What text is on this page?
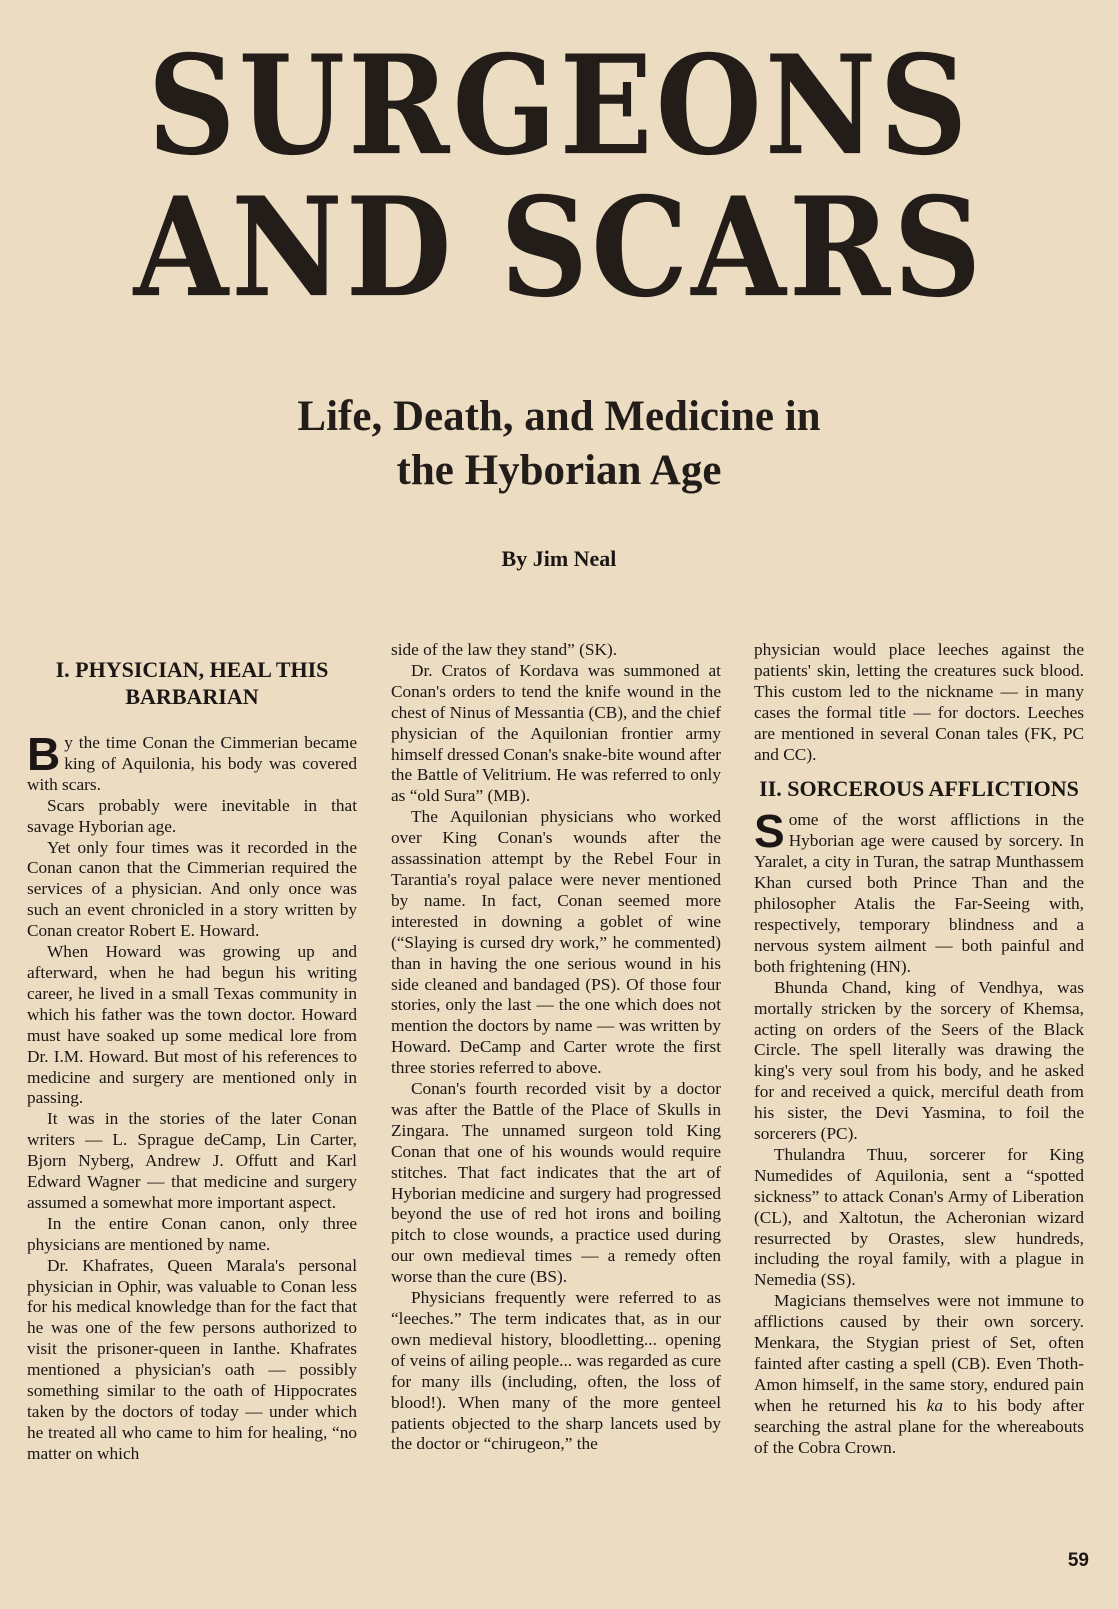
SURGEONS
AND SCARS
Life, Death, and Medicine in
the Hyborian Age
By Jim Neal
I. PHYSICIAN, HEAL THIS BARBARIAN

By the time Conan the Cimmerian became king of Aquilonia, his body was covered with scars.

Scars probably were inevitable in that savage Hyborian age.

Yet only four times was it recorded in the Conan canon that the Cimmerian required the services of a physician. And only once was such an event chronicled in a story written by Conan creator Robert E. Howard.

When Howard was growing up and afterward, when he had begun his writing career, he lived in a small Texas community in which his father was the town doctor. Howard must have soaked up some medical lore from Dr. I.M. Howard. But most of his references to medicine and surgery are mentioned only in passing.

It was in the stories of the later Conan writers — L. Sprague deCamp, Lin Carter, Bjorn Nyberg, Andrew J. Offutt and Karl Edward Wagner — that medicine and surgery assumed a somewhat more important aspect.

In the entire Conan canon, only three physicians are mentioned by name.

Dr. Khafrates, Queen Marala's personal physician in Ophir, was valuable to Conan less for his medical knowledge than for the fact that he was one of the few persons authorized to visit the prisoner-queen in Ianthe. Khafrates mentioned a physician's oath — possibly something similar to the oath of Hippocrates taken by the doctors of today — under which he treated all who came to him for healing, “no matter on which

side of the law they stand” (SK).

Dr. Cratos of Kordava was summoned at Conan's orders to tend the knife wound in the chest of Ninus of Messantia (CB), and the chief physician of the Aquilonian frontier army himself dressed Conan's snake-bite wound after the Battle of Velitrium. He was referred to only as “old Sura” (MB).

The Aquilonian physicians who worked over King Conan's wounds after the assassination attempt by the Rebel Four in Tarantia's royal palace were never mentioned by name. In fact, Conan seemed more interested in downing a goblet of wine (“Slaying is cursed dry work,” he commented) than in having the one serious wound in his side cleaned and bandaged (PS). Of those four stories, only the last — the one which does not mention the doctors by name — was written by Howard. DeCamp and Carter wrote the first three stories referred to above.

Conan's fourth recorded visit by a doctor was after the Battle of the Place of Skulls in Zingara. The unnamed surgeon told King Conan that one of his wounds would require stitches. That fact indicates that the art of Hyborian medicine and surgery had progressed beyond the use of red hot irons and boiling pitch to close wounds, a practice used during our own medieval times — a remedy often worse than the cure (BS).

Physicians frequently were referred to as “leeches.” The term indicates that, as in our own medieval history, bloodletting... opening of veins of ailing people... was regarded as cure for many ills (including, often, the loss of blood!). When many of the more genteel patients objected to the sharp lancets used by the doctor or “chirugeon,” the

physician would place leeches against the patients' skin, letting the creatures suck blood. This custom led to the nickname — in many cases the formal title — for doctors. Leeches are mentioned in several Conan tales (FK, PC and CC).

II. SORCEROUS AFFLICTIONS

Some of the worst afflictions in the Hyborian age were caused by sorcery. In Yaralet, a city in Turan, the satrap Munthassem Khan cursed both Prince Than and the philosopher Atalis the Far-Seeing with, respectively, temporary blindness and a nervous system ailment — both painful and both frightening (HN).

Bhunda Chand, king of Vendhya, was mortally stricken by the sorcery of Khemsa, acting on orders of the Seers of the Black Circle. The spell literally was drawing the king's very soul from his body, and he asked for and received a quick, merciful death from his sister, the Devi Yasmina, to foil the sorcerers (PC).

Thulandra Thuu, sorcerer for King Numedides of Aquilonia, sent a “spotted sickness” to attack Conan's Army of Liberation (CL), and Xaltotun, the Acheronian wizard resurrected by Orastes, slew hundreds, including the royal family, with a plague in Nemedia (SS).

Magicians themselves were not immune to afflictions caused by their own sorcery. Menkara, the Stygian priest of Set, often fainted after casting a spell (CB). Even Thoth-Amon himself, in the same story, endured pain when he returned his ka to his body after searching the astral plane for the whereabouts of the Cobra Crown.

59
